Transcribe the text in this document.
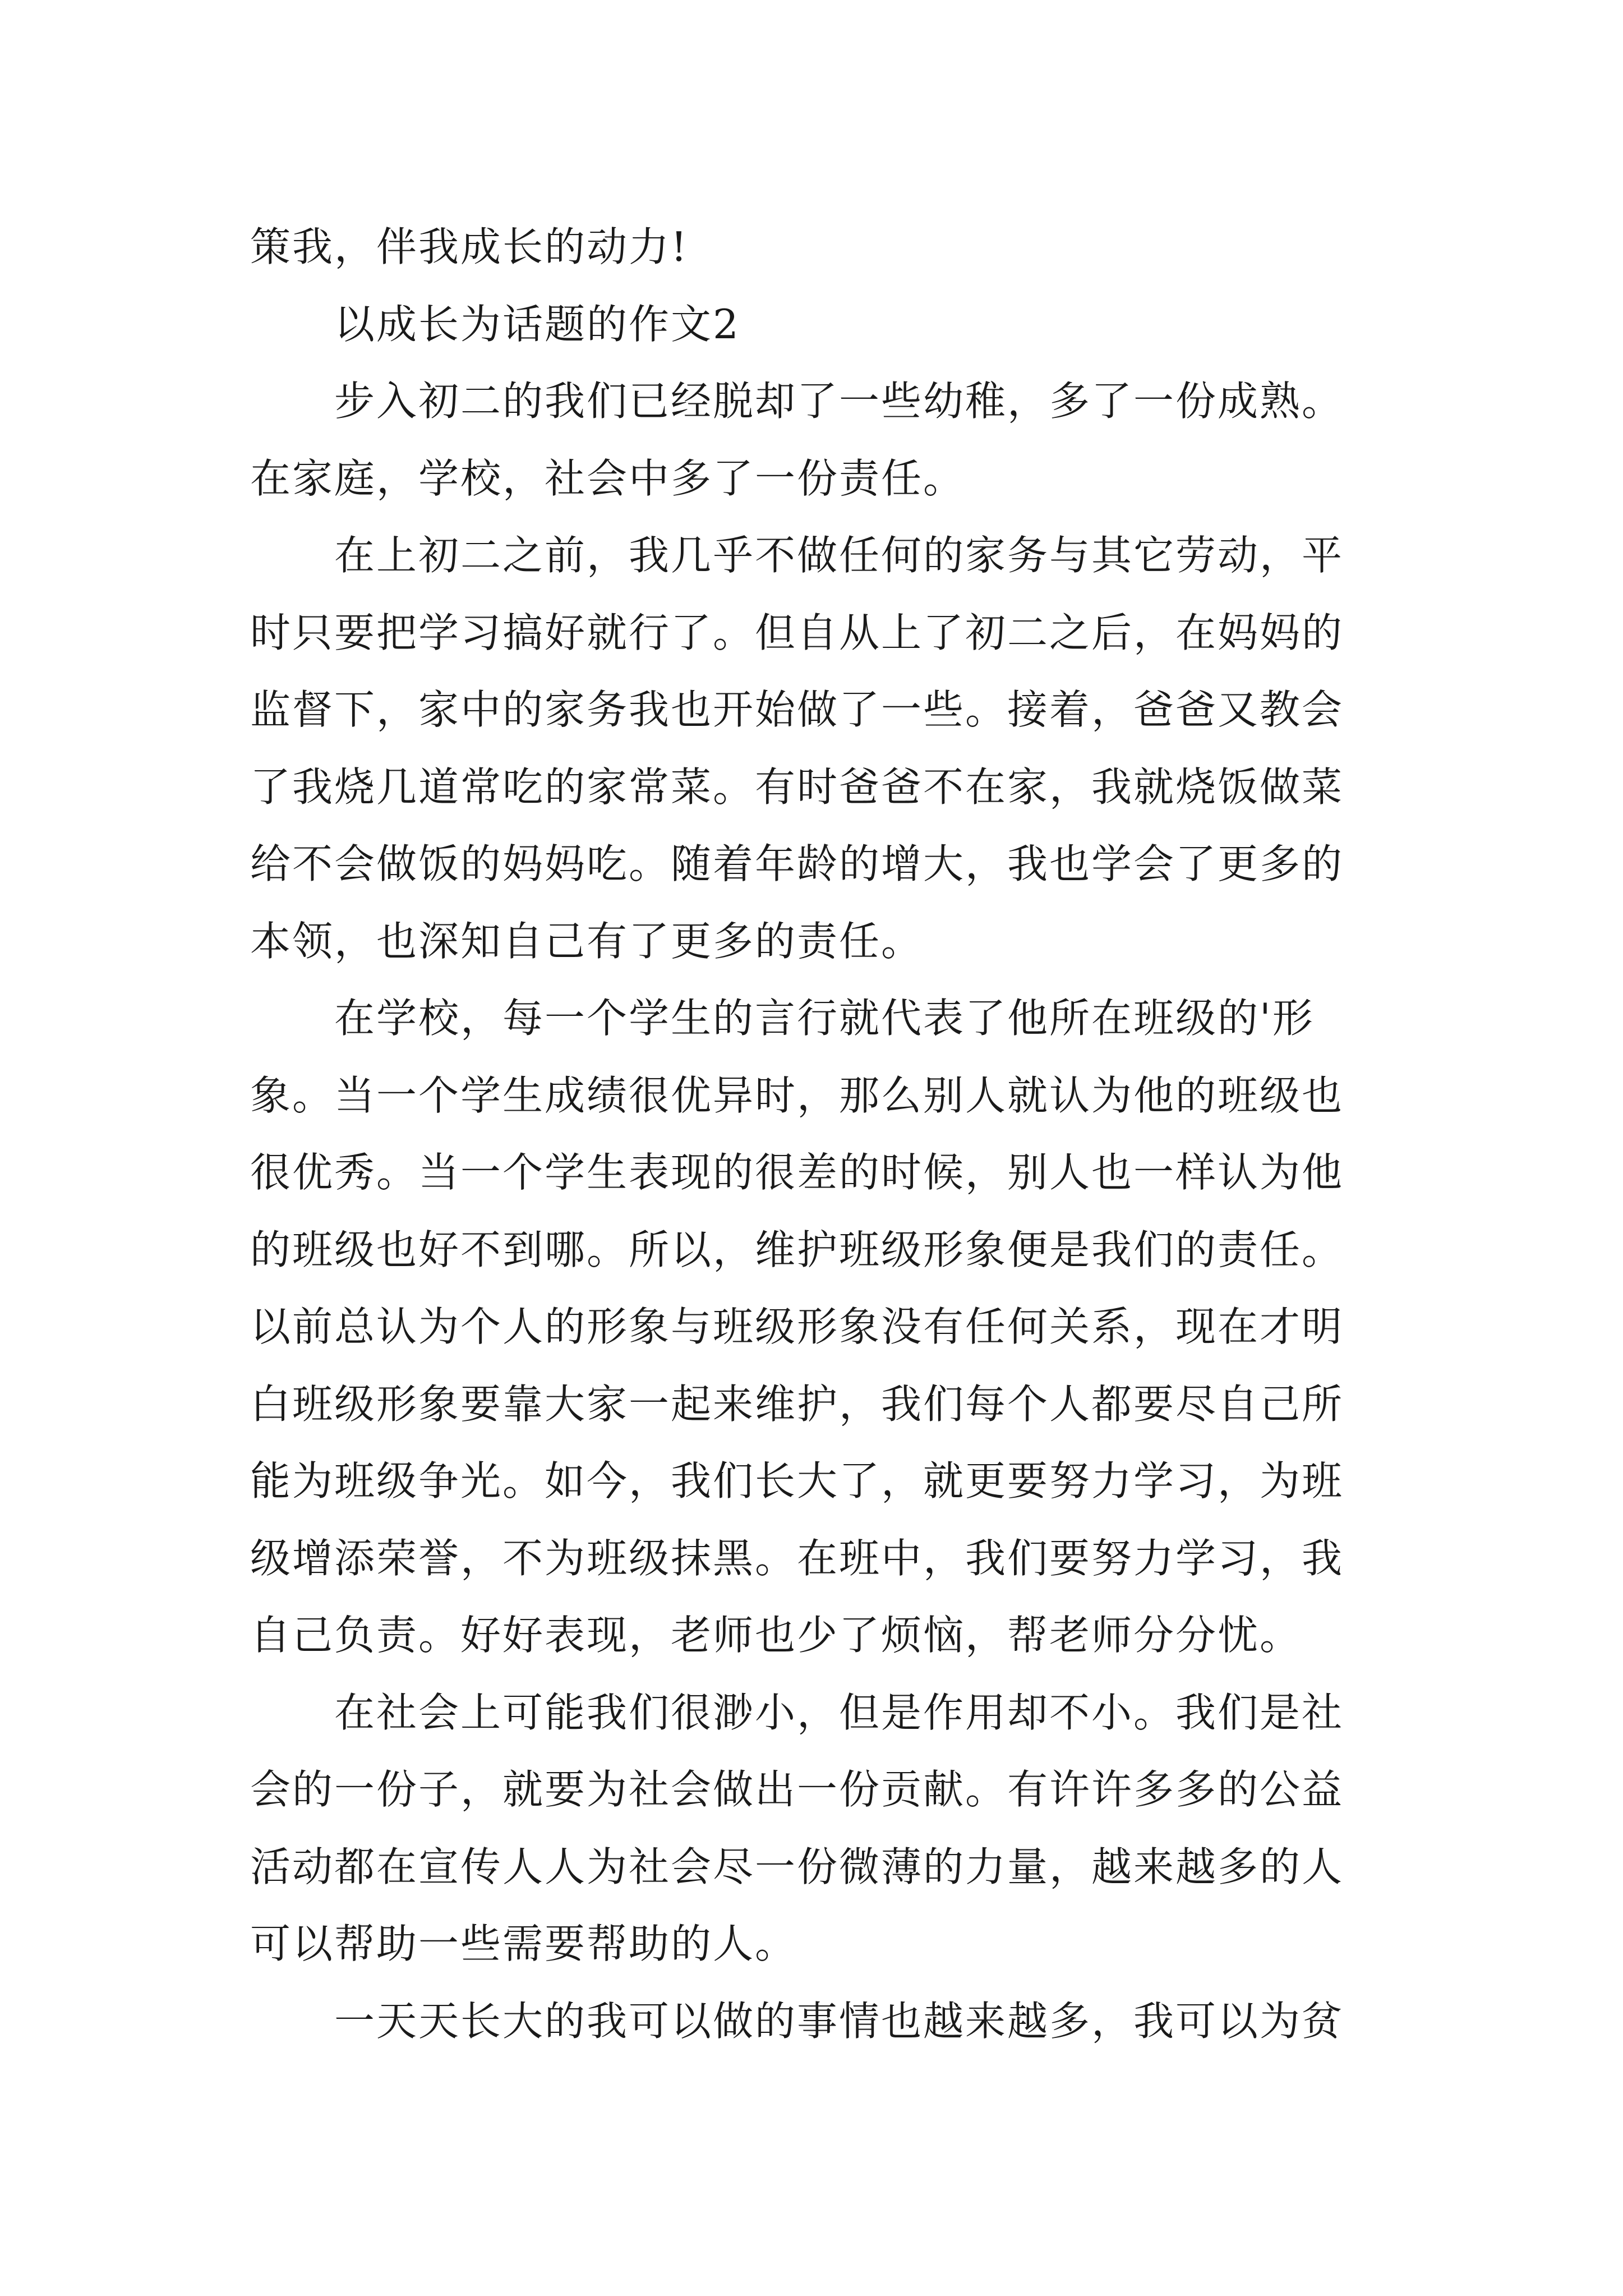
策我，伴我成长的动力!
以成长为话题的作文2
步入初二的我们已经脱却了一些幼稚，多了一份成熟。
在家庭，学校，社会中多了一份责任。
在上初二之前，我几乎不做任何的家务与其它劳动，平
时只要把学习搞好就行了。但自从上了初二之后，在妈妈的
监督下，家中的家务我也开始做了一些。接着，爸爸又教会
了我烧几道常吃的家常菜。有时爸爸不在家，我就烧饭做菜
给不会做饭的妈妈吃。随着年龄的增大，我也学会了更多的
本领，也深知自己有了更多的责任。
在学校，每一个学生的言行就代表了他所在班级的'形
象。当一个学生成绩很优异时，那么别人就认为他的班级也
很优秀。当一个学生表现的很差的时候，别人也一样认为他
的班级也好不到哪。所以，维护班级形象便是我们的责任。
以前总认为个人的形象与班级形象没有任何关系，现在才明
白班级形象要靠大家一起来维护，我们每个人都要尽自己所
能为班级争光。如今，我们长大了，就更要努力学习，为班
级增添荣誉，不为班级抹黑。在班中，我们要努力学习，我
自己负责。好好表现，老师也少了烦恼，帮老师分分忧。
在社会上可能我们很渺小，但是作用却不小。我们是社
会的一份子，就要为社会做出一份贡献。有许许多多的公益
活动都在宣传人人为社会尽一份微薄的力量，越来越多的人
可以帮助一些需要帮助的人。
一天天长大的我可以做的事情也越来越多，我可以为贫
